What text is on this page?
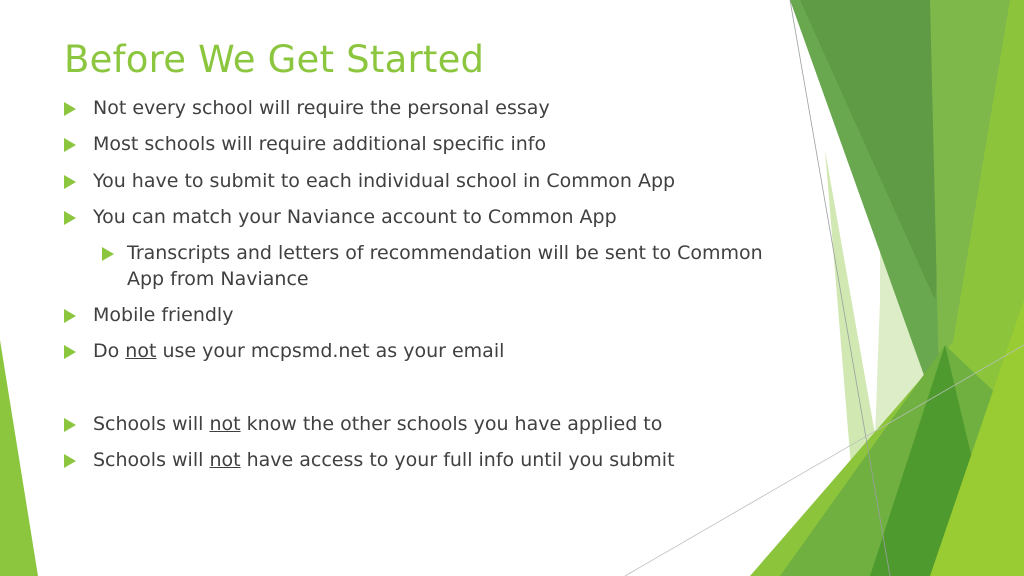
Before We Get Started
Not every school will require the personal essay
Most schools will require additional specific info
You have to submit to each individual school in Common App
You can match your Naviance account to Common App
Transcripts and letters of recommendation will be sent to Common
App from Naviance
Mobile friendly
Do not use your mcpsmd.net as your email
Schools will not know the other schools you have applied to
Schools will not have access to your full info until you submit
